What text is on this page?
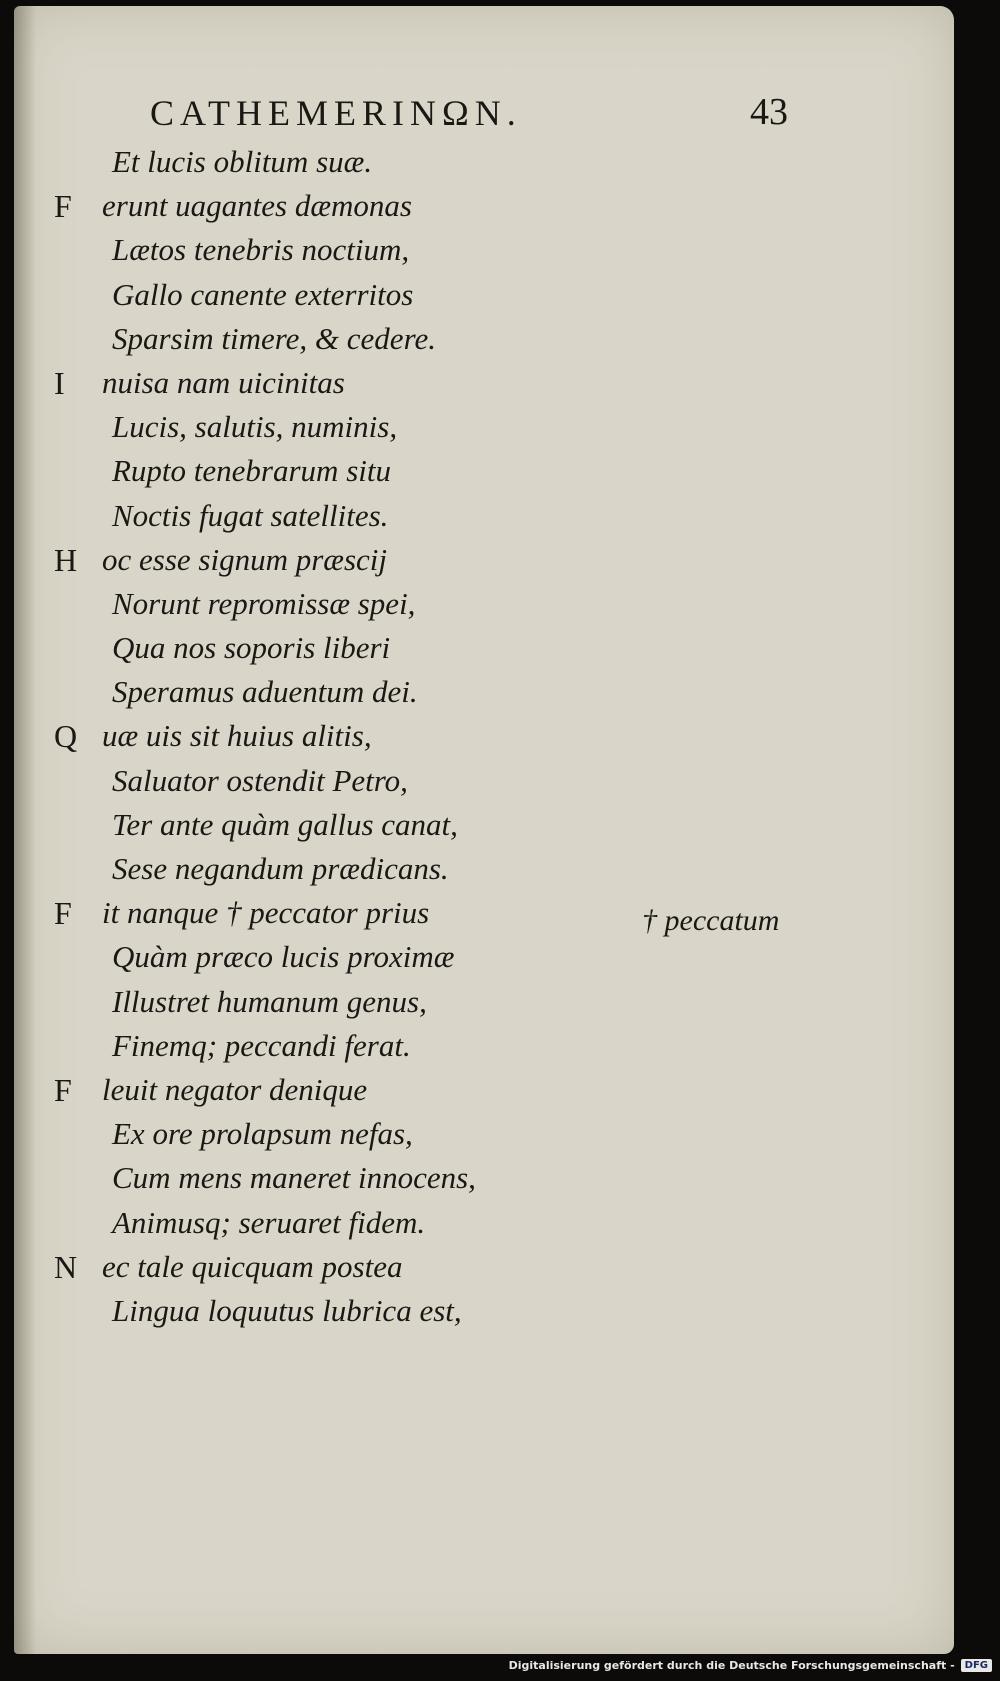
CATHEMERINΩN.	43
Et lucis oblitum suæ.
F erunt uagantes dæmonas
Lætos tenebris noctium,
Gallo canente exterritos
Sparsim timere, & cedere.
I	nuisa nam uicinitas
Lucis, salutis, numinis,
Rupto tenebrarum situ
Noctis fugat satellites.
H oc esse signum præscij
Norunt repromissæ spei,
Qua nos soporis liberi
Speramus aduentum dei.
Q uæ uis sit huius alitis,
Saluator ostendit Petro,
Ter ante quàm gallus canat,
Sese negandum prædicans.
F it nanque † peccator prius
Quàm præco lucis proximæ
Illustret humanum genus,
Finemq; peccandi ferat.
F leuit negator denique
Ex ore prolapsum nefas,
Cum mens maneret innocens,
Animusq; seruaret fidem.
N ec tale quicquam postea
Lingua loquutus lubrica est,
† peccatum
Digitalisierung gefördert durch die Deutsche Forschungsgemeinschaft -	DFG
